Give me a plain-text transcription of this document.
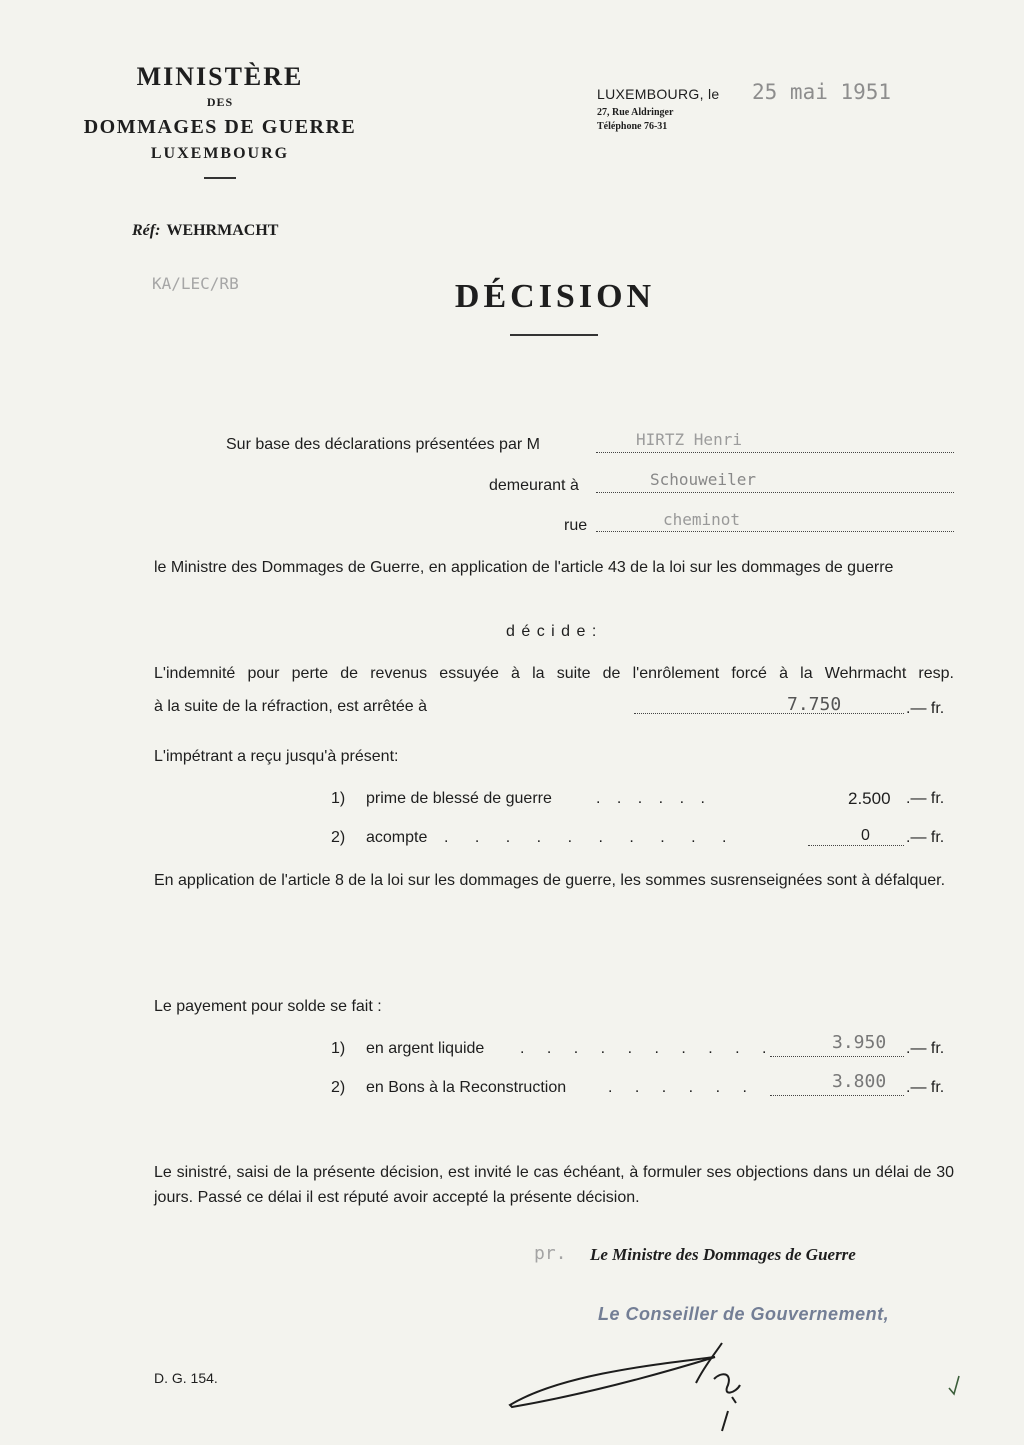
MINISTÈRE
DES
DOMMAGES DE GUERRE
LUXEMBOURG
Réf: WEHRMACHT
KA/LEC/RB
LUXEMBOURG, le 25 mai 1951
27, Rue Aldringer
Téléphone 76-31
DÉCISION
Sur base des déclarations présentées par M	HIRTZ Henri
demeurant à	Schouweiler
rue	cheminot
le Ministre des Dommages de Guerre, en application de l'article 43 de la loi sur les dommages de guerre
d é c i d e :
L'indemnité pour perte de revenus essuyée à la suite de l'enrôlement forcé à la Wehrmacht resp.
à la suite de la réfraction, est arrêtée à	7.750	.— fr.
L'impétrant a reçu jusqu'à présent:
1) prime de blessé de guerre	. . . . . .	2.500 .— fr.
2) acompte . . . . . . . . . .	0 .— fr.
En application de l'article 8 de la loi sur les dommages de guerre, les sommes susrenseignées sont à défalquer.
Le payement pour solde se fait :
1) en argent liquide . . . . . . . . . .	3.950 .— fr.
2) en Bons à la Reconstruction	. . . . . .	3.800 .— fr.
Le sinistré, saisi de la présente décision, est invité le cas échéant, à formuler ses objections dans un délai de 30 jours. Passé ce délai il est réputé avoir accepté la présente décision.
pr. Le Ministre des Dommages de Guerre
Le Conseiller de Gouvernement,
D. G. 154.
